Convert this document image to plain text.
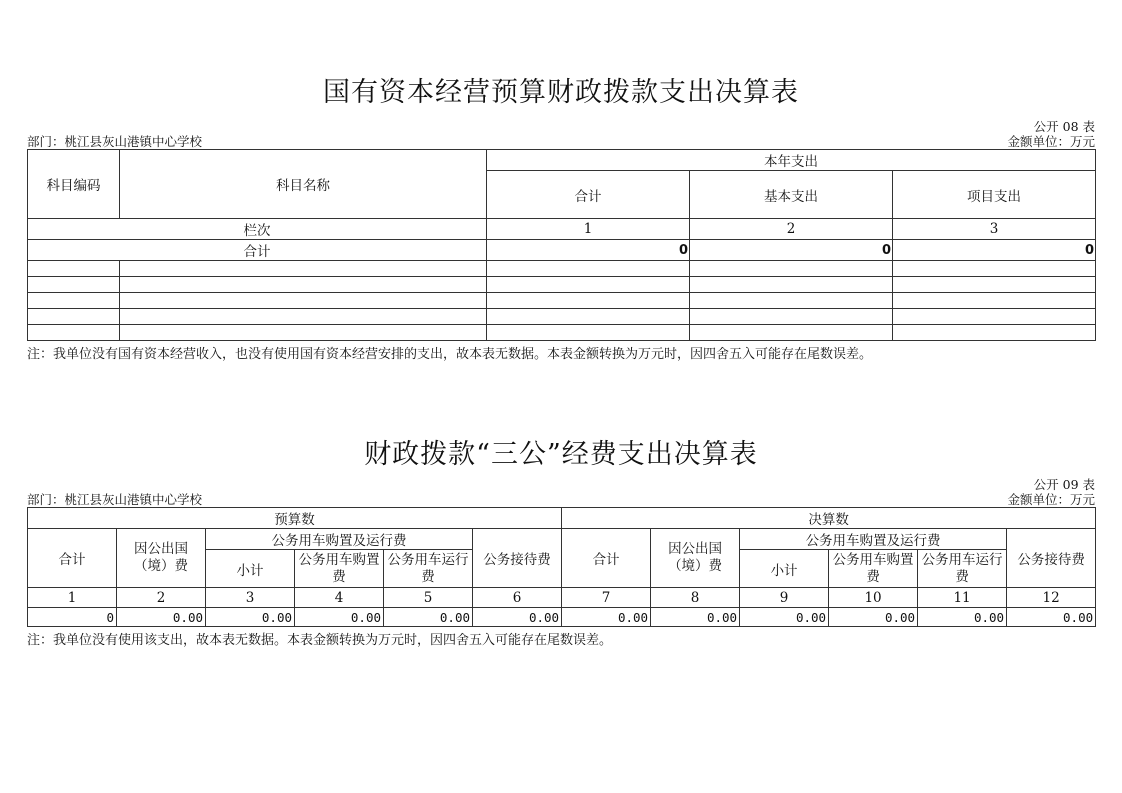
国有资本经营预算财政拨款支出决算表
公开 08 表
部门：桃江县灰山港镇中心学校	金额单位：万元
科目编码	科目名称	本年支出		
		合计	基本支出	项目支出
栏次		1	2	3
合计		0	0	0

注：我单位没有国有资本经营收入，也没有使用国有资本经营安排的支出，故本表无数据。本表金额转换为万元时，因四舍五入可能存在尾数误差。
财政拨款“三公”经费支出决算表
公开 09 表
部门：桃江县灰山港镇中心学校	金额单位：万元
预算数						决算数					
合计	因公出国（境）费	公务用车购置及运行费			公务接待费	合计	因公出国（境）费	公务用车购置及运行费			公务接待费
		小计	公务用车购置费	公务用车运行费				小计	公务用车购置费	公务用车运行费	
1	2	3	4	5	6	7	8	9	10	11	12
0	0.00	0.00	0.00	0.00	0.00	0.00	0.00	0.00	0.00	0.00	0.00
注：我单位没有使用该支出，故本表无数据。本表金额转换为万元时，因四舍五入可能存在尾数误差。
